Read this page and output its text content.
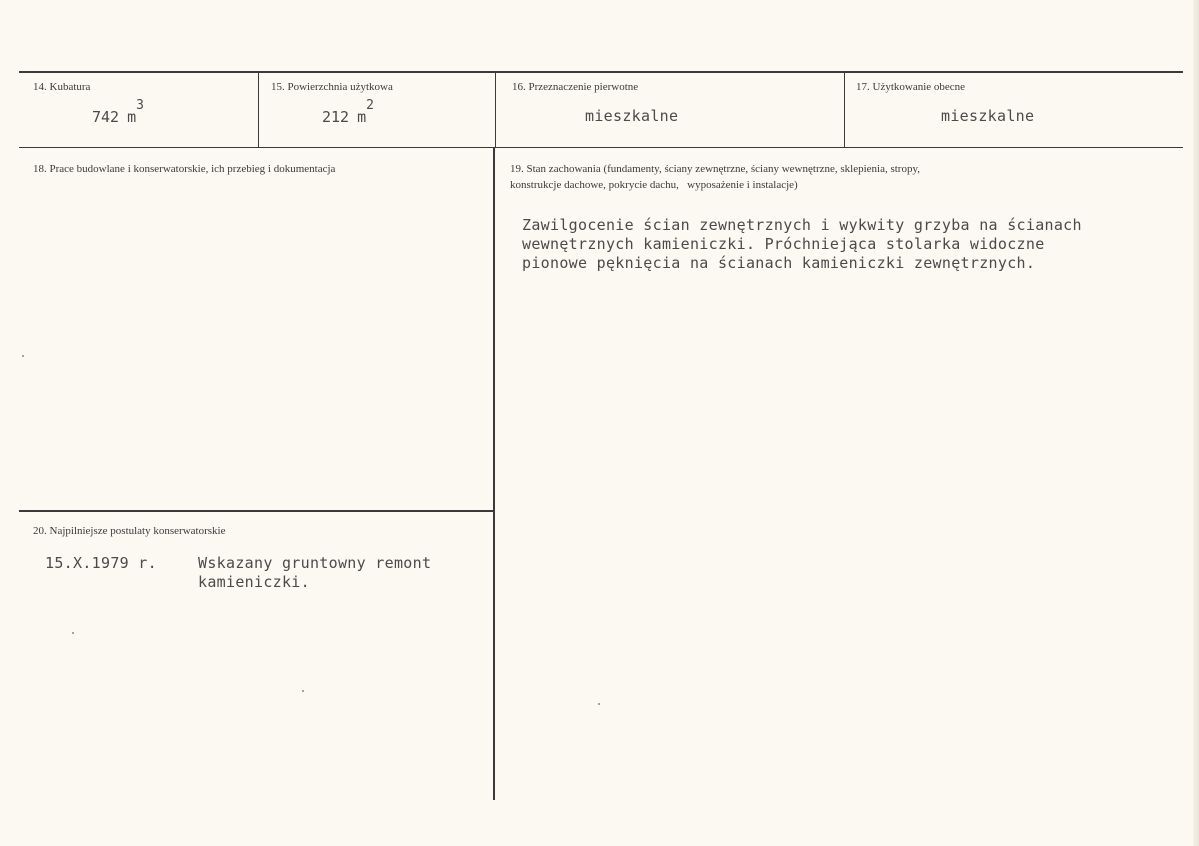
14. Kubatura
742 m
3
15. Powierzchnia użytkowa
212 m
2
16. Przeznaczenie pierwotne
mieszkalne
17. Użytkowanie obecne
mieszkalne
18. Prace budowlane i konserwatorskie, ich przebieg i dokumentacja	19. Stan zachowania (fundamenty, ściany zewnętrzne, ściany wewnętrzne, sklepienia, stropy,
konstrukcje dachowe, pokrycie dachu,   wyposażenie i instalacje)
Zawilgocenie ścian zewnętrznych i wykwity grzyba na ścianach
wewnętrznych kamieniczki. Próchniejąca stolarka widoczne
pionowe pęknięcia na ścianach kamieniczki zewnętrznych.
20. Najpilniejsze postulaty konserwatorskie
15.X.1979 r.	Wskazany gruntowny remont
kamieniczki.
